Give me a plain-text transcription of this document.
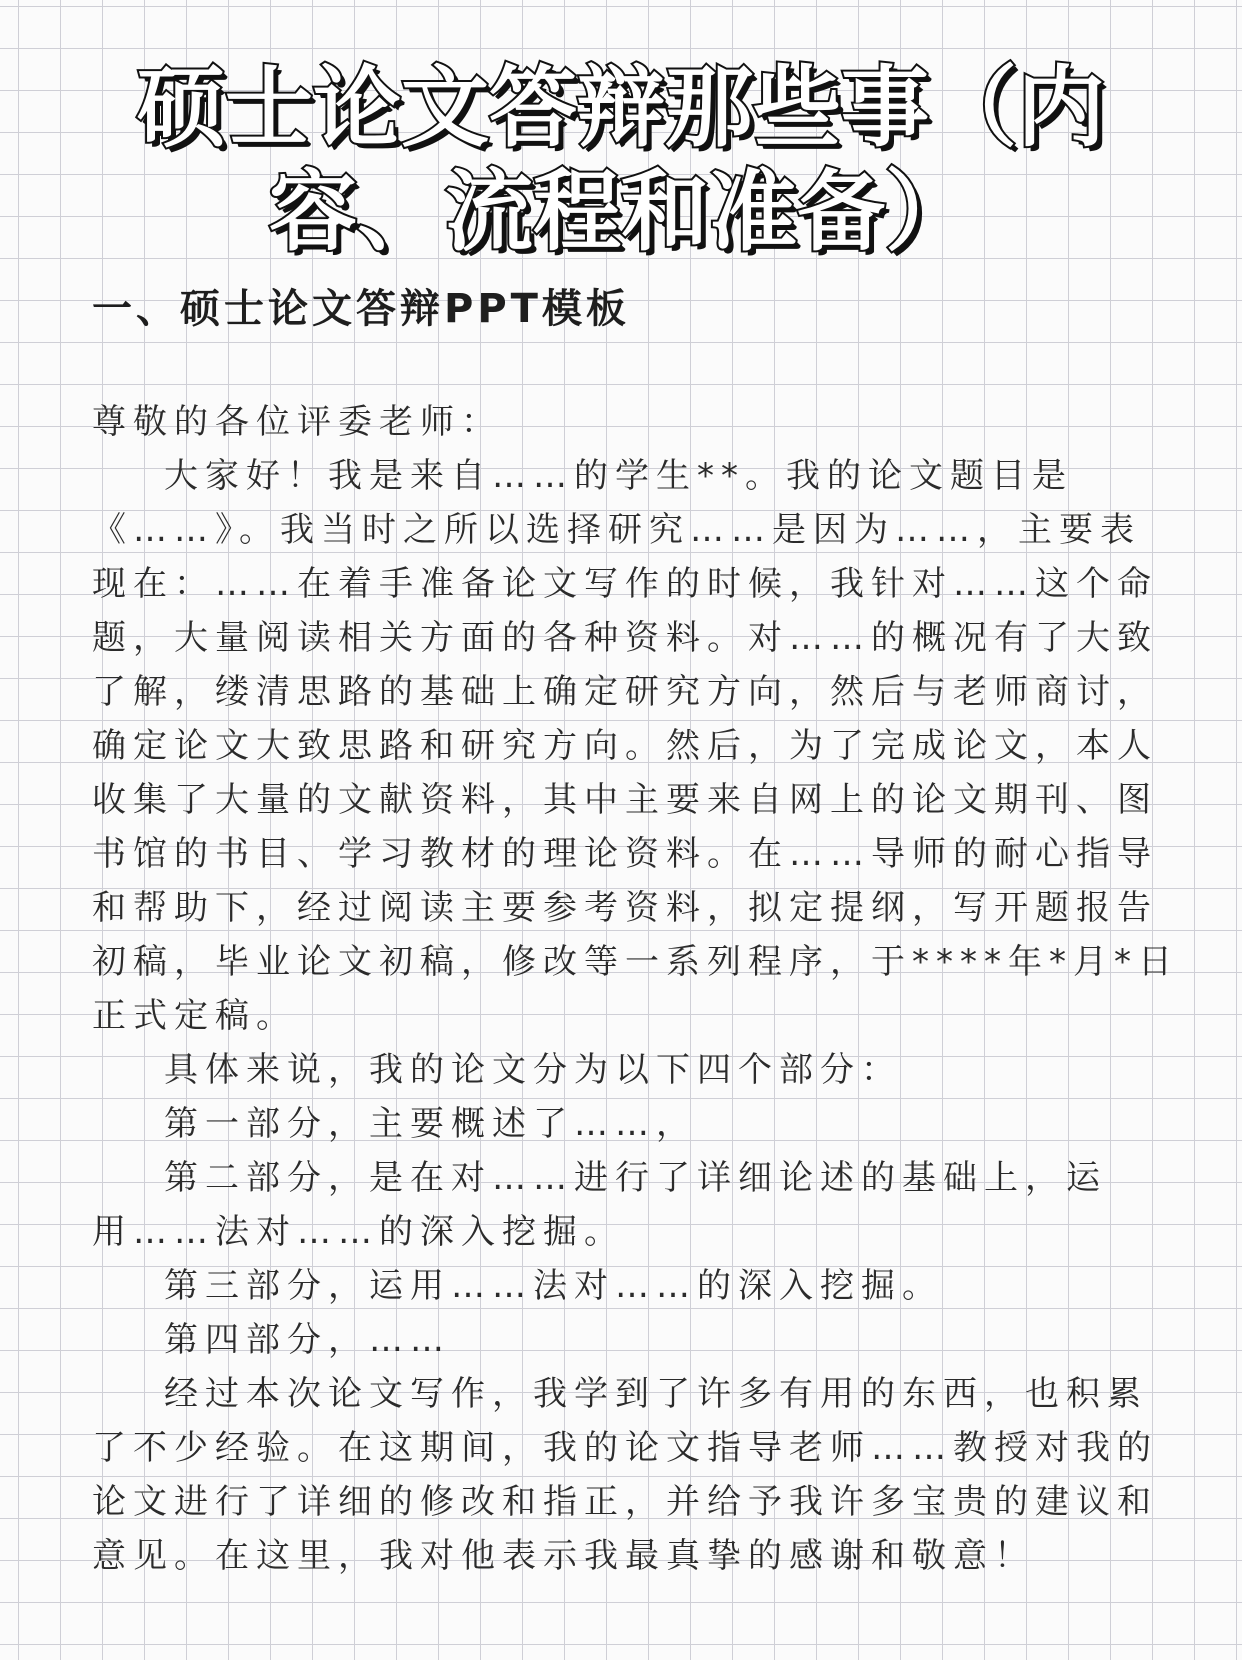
硕士论文答辩那些事（内
容、流程和准备）
一、硕士论文答辩PPT模板
尊敬的各位评委老师：
大家好！我是来自……的学生**。我的论文题目是
《……》。我当时之所以选择研究……是因为……，主要表
现在：……在着手准备论文写作的时候，我针对……这个命
题，大量阅读相关方面的各种资料。对……的概况有了大致
了解，缕清思路的基础上确定研究方向，然后与老师商讨，
确定论文大致思路和研究方向。然后，为了完成论文，本人
收集了大量的文献资料，其中主要来自网上的论文期刊、图
书馆的书目、学习教材的理论资料。在……导师的耐心指导
和帮助下，经过阅读主要参考资料，拟定提纲，写开题报告
初稿，毕业论文初稿，修改等一系列程序，于****年*月*日
正式定稿。
具体来说，我的论文分为以下四个部分：
第一部分，主要概述了……，
第二部分，是在对……进行了详细论述的基础上，运
用……法对……的深入挖掘。
第三部分，运用……法对……的深入挖掘。
第四部分，……
经过本次论文写作，我学到了许多有用的东西，也积累
了不少经验。在这期间，我的论文指导老师……教授对我的
论文进行了详细的修改和指正，并给予我许多宝贵的建议和
意见。在这里，我对他表示我最真挚的感谢和敬意！
